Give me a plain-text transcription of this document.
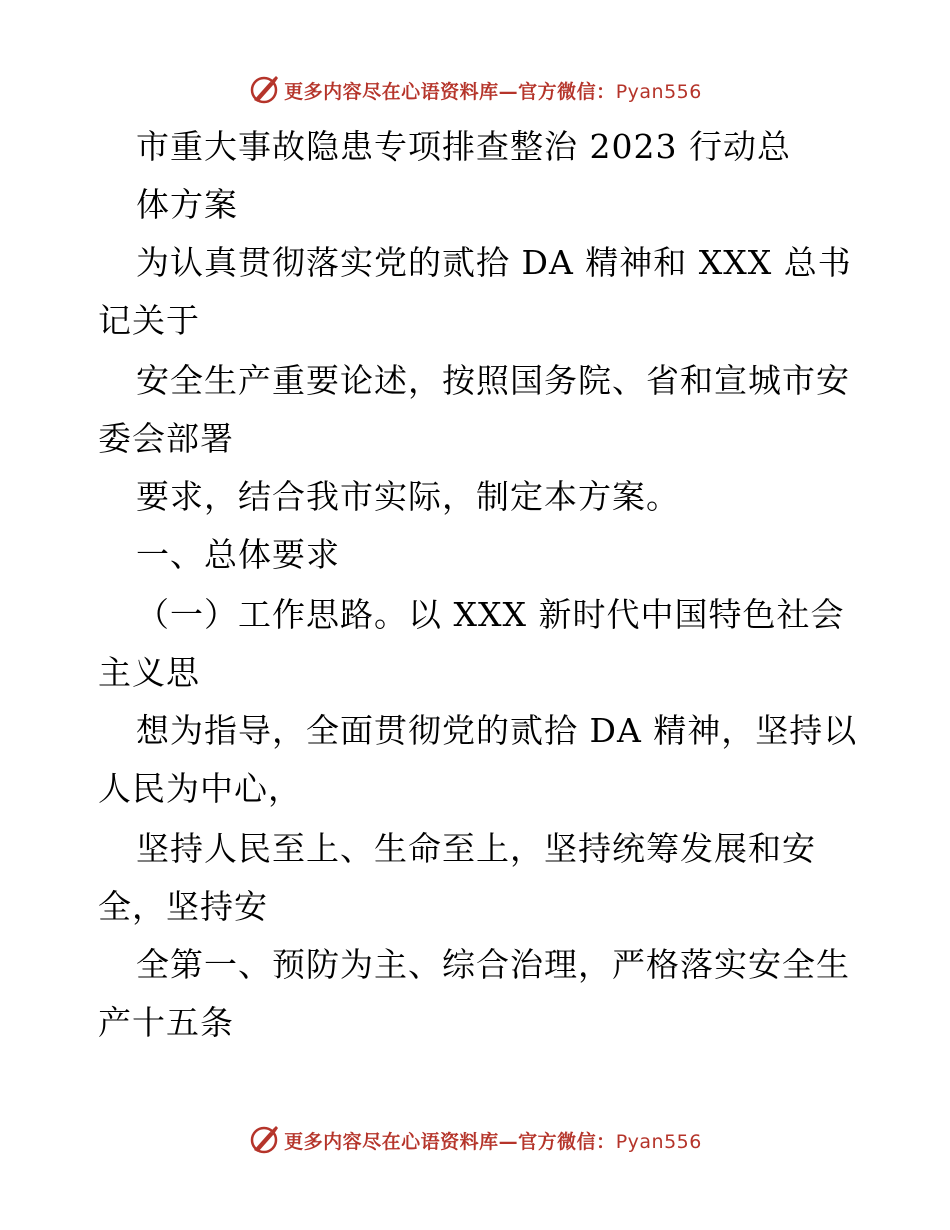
更多内容尽在心语资料库—官方微信：Pyan556
市重大事故隐患专项排查整治 2023 行动总
体方案
为认真贯彻落实党的贰拾 DA 精神和 XXX 总书
记关于
安全生产重要论述，按照国务院、省和宣城市安
委会部署
要求，结合我市实际，制定本方案。
一、总体要求
（一）工作思路。以 XXX 新时代中国特色社会
主义思
想为指导，全面贯彻党的贰拾 DA 精神，坚持以
人民为中心，
坚持人民至上、生命至上，坚持统筹发展和安
全，坚持安
全第一、预防为主、综合治理，严格落实安全生
产十五条
更多内容尽在心语资料库—官方微信：Pyan556
